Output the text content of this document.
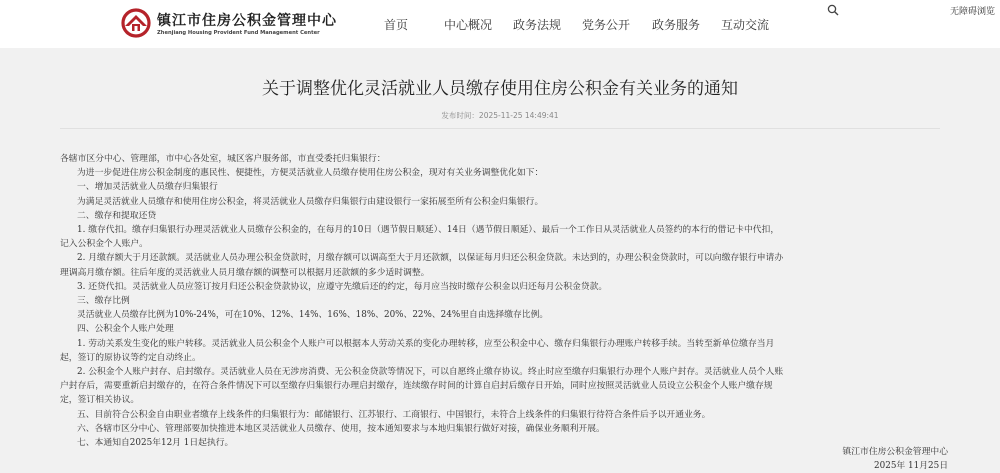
镇江市住房公积金管理中心
Zhenjiang Housing Provident Fund Management Center
首页	中心概况 政务法规 党务公开 政务服务 互动交流
无障碍浏览
关于调整优化灵活就业人员缴存使用住房公积金有关业务的通知
发布时间：2025-11-25 14:49:41

各辖市区分中心、管理部，市中心各处室，城区客户服务部，市直受委托归集银行：

为进一步促进住房公积金制度的惠民性、便捷性，方便灵活就业人员缴存使用住房公积金，现对有关业务调整优化如下：

一、增加灵活就业人员缴存归集银行

为满足灵活就业人员缴存和使用住房公积金，将灵活就业人员缴存归集银行由建设银行一家拓展至所有公积金归集银行。

二、缴存和提取还贷

1. 缴存代扣。缴存归集银行办理灵活就业人员缴存公积金的，在每月的10日（遇节假日顺延）、14日（遇节假日顺延）、最后一个工作日从灵活就业人员签约的本行的借记卡中代扣，

记入公积金个人账户。

2. 月缴存额大于月还款额。灵活就业人员办理公积金贷款时，月缴存额可以调高至大于月还款额，以保证每月归还公积金贷款。未达到的，办理公积金贷款时，可以向缴存银行申请办

理调高月缴存额。往后年度的灵活就业人员月缴存额的调整可以根据月还款额的多少适时调整。

3. 还贷代扣。灵活就业人员应签订按月归还公积金贷款协议，应遵守先缴后还的约定，每月应当按时缴存公积金以归还每月公积金贷款。

三、缴存比例

灵活就业人员缴存比例为10%-24%，可在10%、12%、14%、16%、18%、20%、22%、24%里自由选择缴存比例。

四、公积金个人账户处理

1. 劳动关系发生变化的账户转移。灵活就业人员公积金个人账户可以根据本人劳动关系的变化办理转移，应至公积金中心、缴存归集银行办理账户转移手续。当转至新单位缴存当月

起，签订的原协议等约定自动终止。

2. 公积金个人账户封存、启封缴存。灵活就业人员在无涉房消费、无公积金贷款等情况下，可以自愿终止缴存协议。终止时应至缴存归集银行办理个人账户封存。灵活就业人员个人账

户封存后，需要重新启封缴存的，在符合条件情况下可以至缴存归集银行办理启封缴存，连续缴存时间的计算自启封后缴存日开始，同时应按照灵活就业人员设立公积金个人账户缴存规

定，签订相关协议。

五、目前符合公积金自由职业者缴存上线条件的归集银行为：邮储银行、江苏银行、工商银行、中国银行，未符合上线条件的归集银行待符合条件后予以开通业务。

六、各辖市区分中心、管理部要加快推进本地区灵活就业人员缴存、使用，按本通知要求与本地归集银行做好对接，确保业务顺利开展。

七、本通知自2025年12月 1日起执行。

镇江市住房公积金管理中心
2025年 11月25日
